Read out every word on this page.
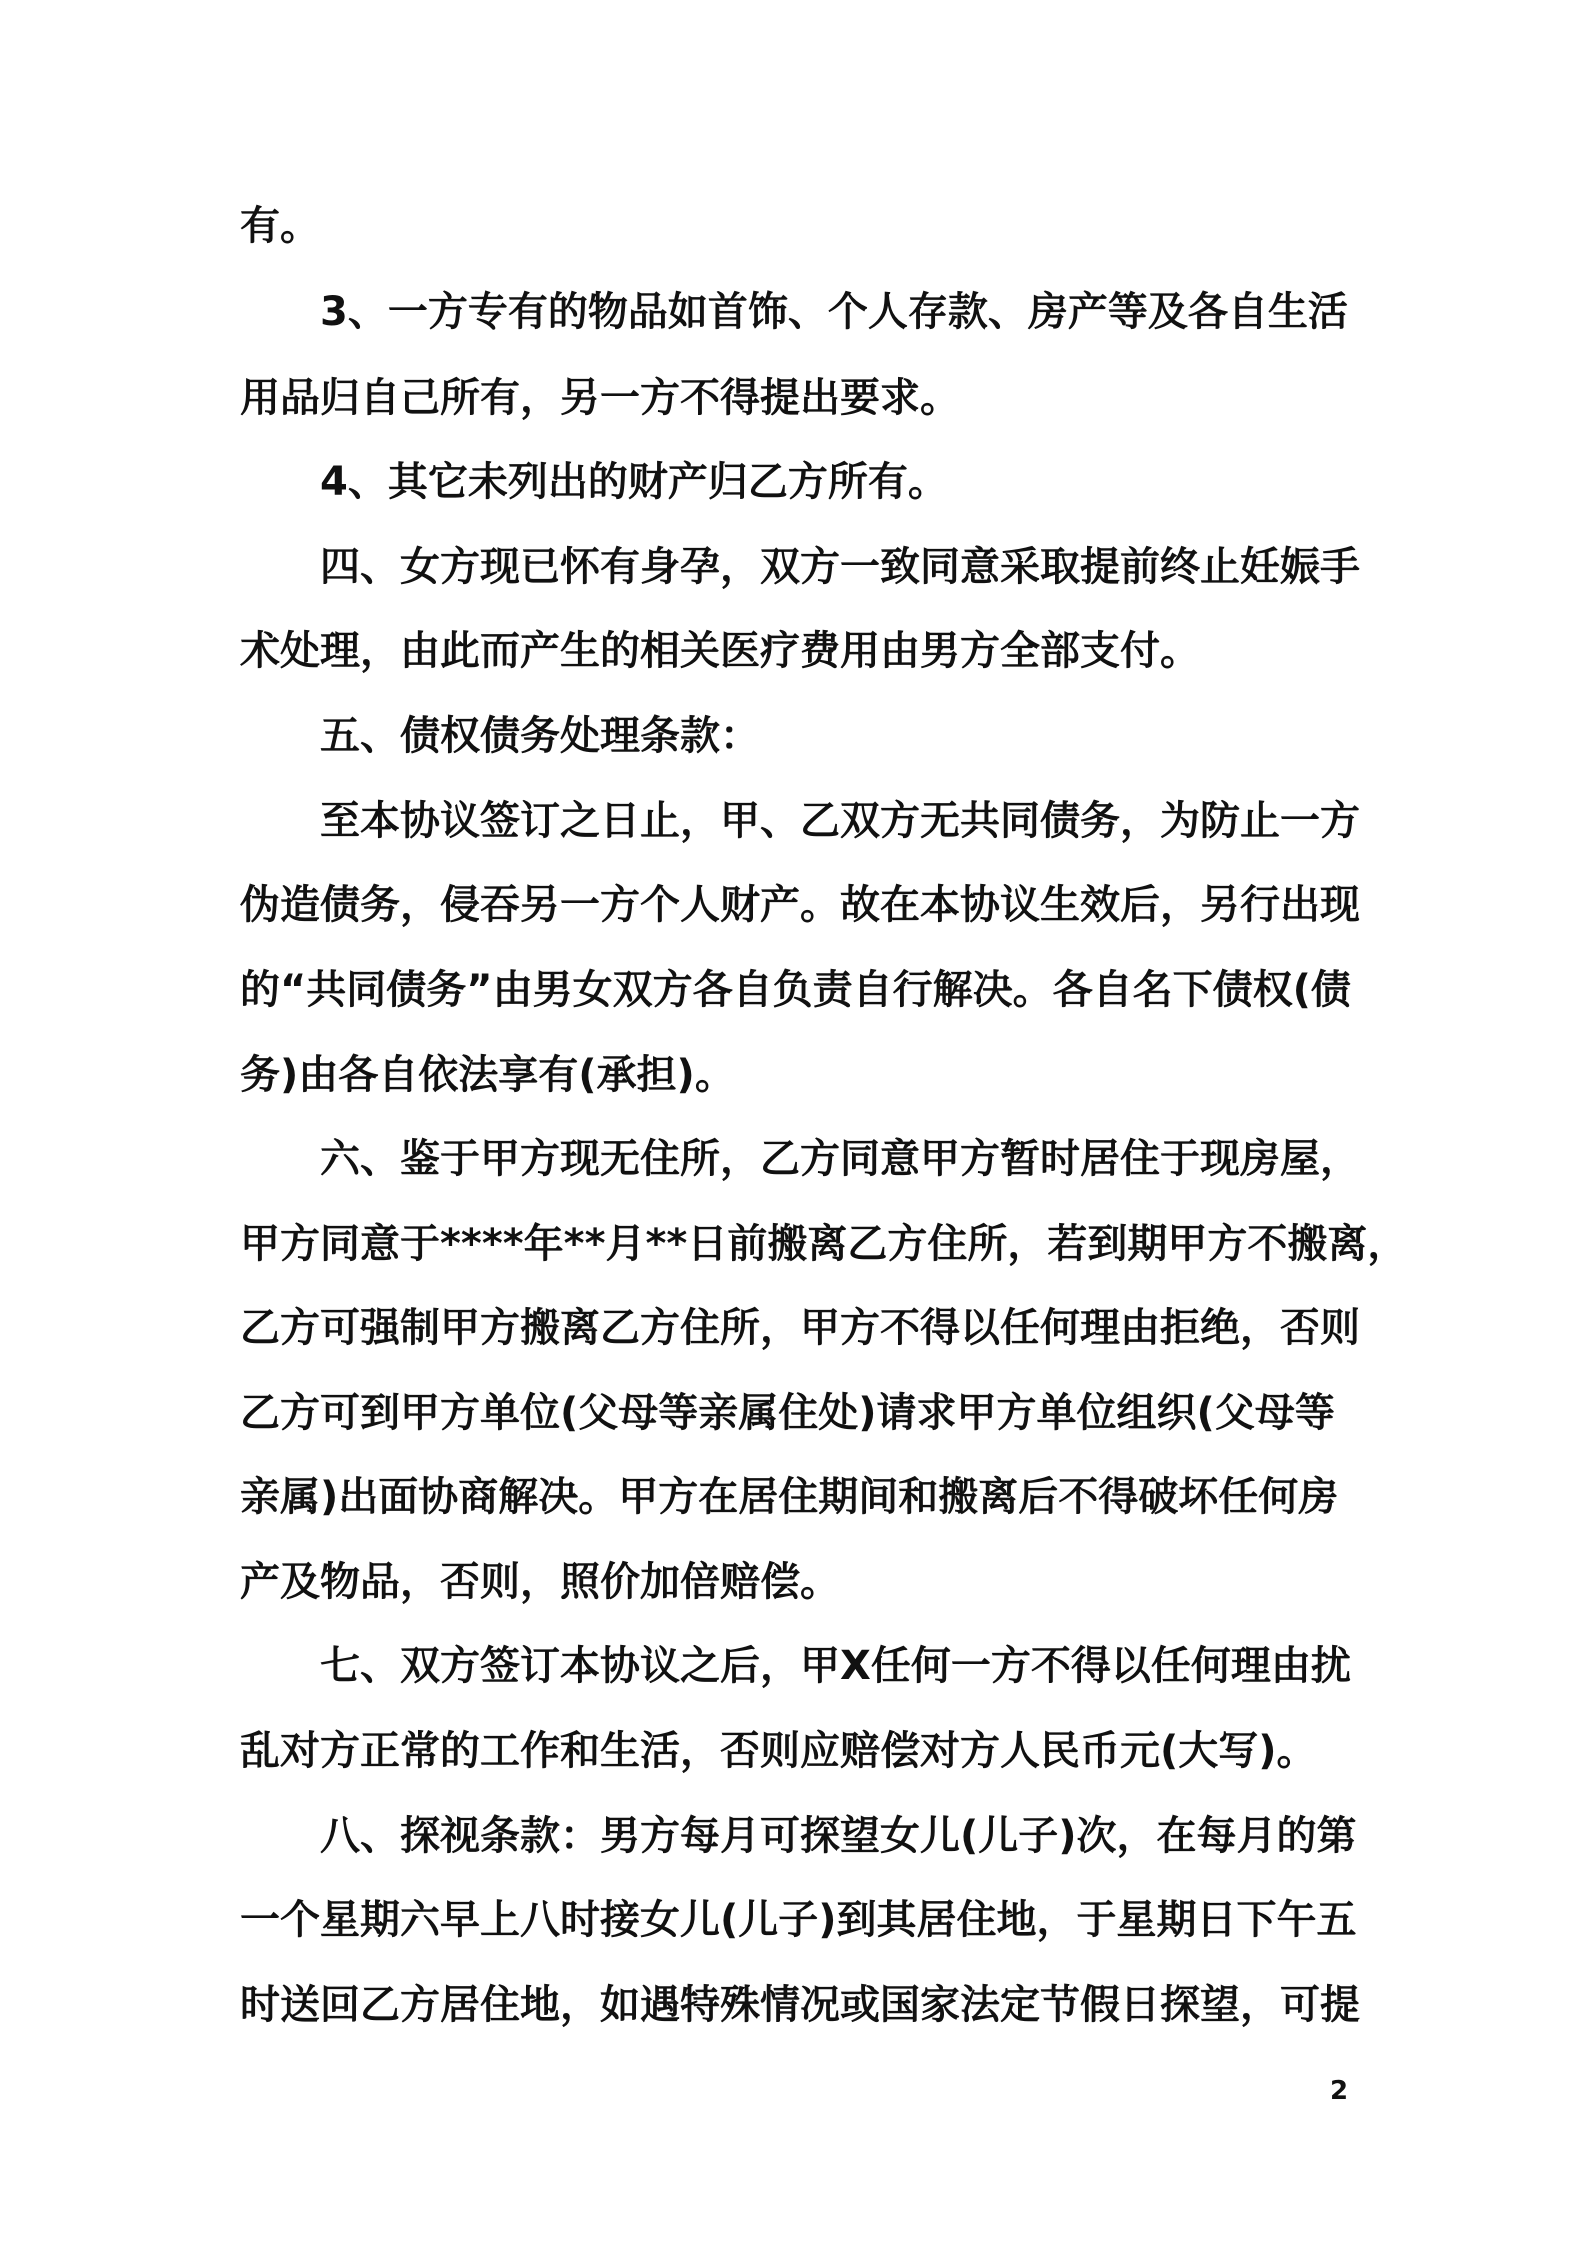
有。
3、一方专有的物品如首饰、个人存款、房产等及各自生活
用品归自己所有，另一方不得提出要求。
4、其它未列出的财产归乙方所有。
四、女方现已怀有身孕，双方一致同意采取提前终止妊娠手
术处理，由此而产生的相关医疗费用由男方全部支付。
五、债权债务处理条款：
至本协议签订之日止，甲、乙双方无共同债务，为防止一方
伪造债务，侵吞另一方个人财产。故在本协议生效后，另行出现
的“共同债务”由男女双方各自负责自行解决。各自名下债权(债
务)由各自依法享有(承担)。
六、鉴于甲方现无住所，乙方同意甲方暂时居住于现房屋，
甲方同意于****年**月**日前搬离乙方住所，若到期甲方不搬离，
乙方可强制甲方搬离乙方住所，甲方不得以任何理由拒绝，否则
乙方可到甲方单位(父母等亲属住处)请求甲方单位组织(父母等
亲属)出面协商解决。甲方在居住期间和搬离后不得破坏任何房
产及物品，否则，照价加倍赔偿。
七、双方签订本协议之后，甲X任何一方不得以任何理由扰
乱对方正常的工作和生活，否则应赔偿对方人民币元(大写)。
八、探视条款：男方每月可探望女儿(儿子)次，在每月的第
一个星期六早上八时接女儿(儿子)到其居住地，于星期日下午五
时送回乙方居住地，如遇特殊情况或国家法定节假日探望，可提
2
